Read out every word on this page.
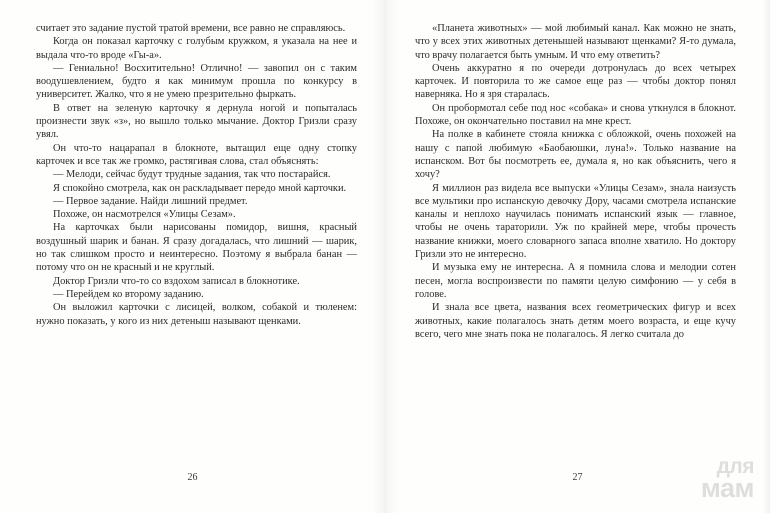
считает это задание пустой тратой времени, все равно не справляюсь.

Когда он показал карточку с голубым кружком, я указала на нее и выдала что-то вроде «Гы-а».

— Гениально! Восхитительно! Отлично! — завопил он с таким воодушевлением, будто я как минимум прошла по конкурсу в университет. Жалко, что я не умею презрительно фыркать.

В ответ на зеленую карточку я дернула ногой и попыталась произнести звук «з», но вышло только мычание. Доктор Гризли сразу увял.

Он что-то нацарапал в блокноте, вытащил еще одну стопку карточек и все так же громко, растягивая слова, стал объяснять:

— Мелоди, сейчас будут трудные задания, так что постарайся.

Я спокойно смотрела, как он раскладывает передо мной карточки.

— Первое задание. Найди лишний предмет.

Похоже, он насмотрелся «Улицы Сезам».

На карточках были нарисованы помидор, вишня, красный воздушный шарик и банан. Я сразу догадалась, что лишний — шарик, но так слишком просто и неинтересно. Поэтому я выбрала банан — потому что он не красный и не круглый.

Доктор Гризли что-то со вздохом записал в блокнотике.

— Перейдем ко второму заданию.

Он выложил карточки с лисицей, волком, собакой и тюленем: нужно показать, у кого из них детеныш называют щенками.

26

«Планета животных» — мой любимый канал. Как можно не знать, что у всех этих животных детенышей называют щенками? Я-то думала, что врачу полагается быть умным. И что ему ответить?

Очень аккуратно я по очереди дотронулась до всех четырех карточек. И повторила то же самое еще раз — чтобы доктор понял наверняка. Но я зря старалась.

Он пробормотал себе под нос «собака» и снова уткнулся в блокнот. Похоже, он окончательно поставил на мне крест.

На полке в кабинете стояла книжка с обложкой, очень похожей на нашу с папой любимую «Баобаюшки, луна!». Только название на испанском. Вот бы посмотреть ее, думала я, но как объяснить, чего я хочу?

Я миллион раз видела все выпуски «Улицы Сезам», знала наизусть все мультики про испанскую девочку Дору, часами смотрела испанские каналы и неплохо научилась понимать испанский язык — главное, чтобы не очень тараторили. Уж по крайней мере, чтобы прочесть название книжки, моего словарного запаса вполне хватило. Но доктору Гризли это не интересно.

И музыка ему не интересна. А я помнила слова и мелодии сотен песен, могла воспроизвести по памяти целую симфонию — у себя в голове.

И знала все цвета, названия всех геометрических фигур и всех животных, какие полагалось знать детям моего возраста, и еще кучу всего, чего мне знать пока не полагалось. Я легко считала до

27	для
мам
